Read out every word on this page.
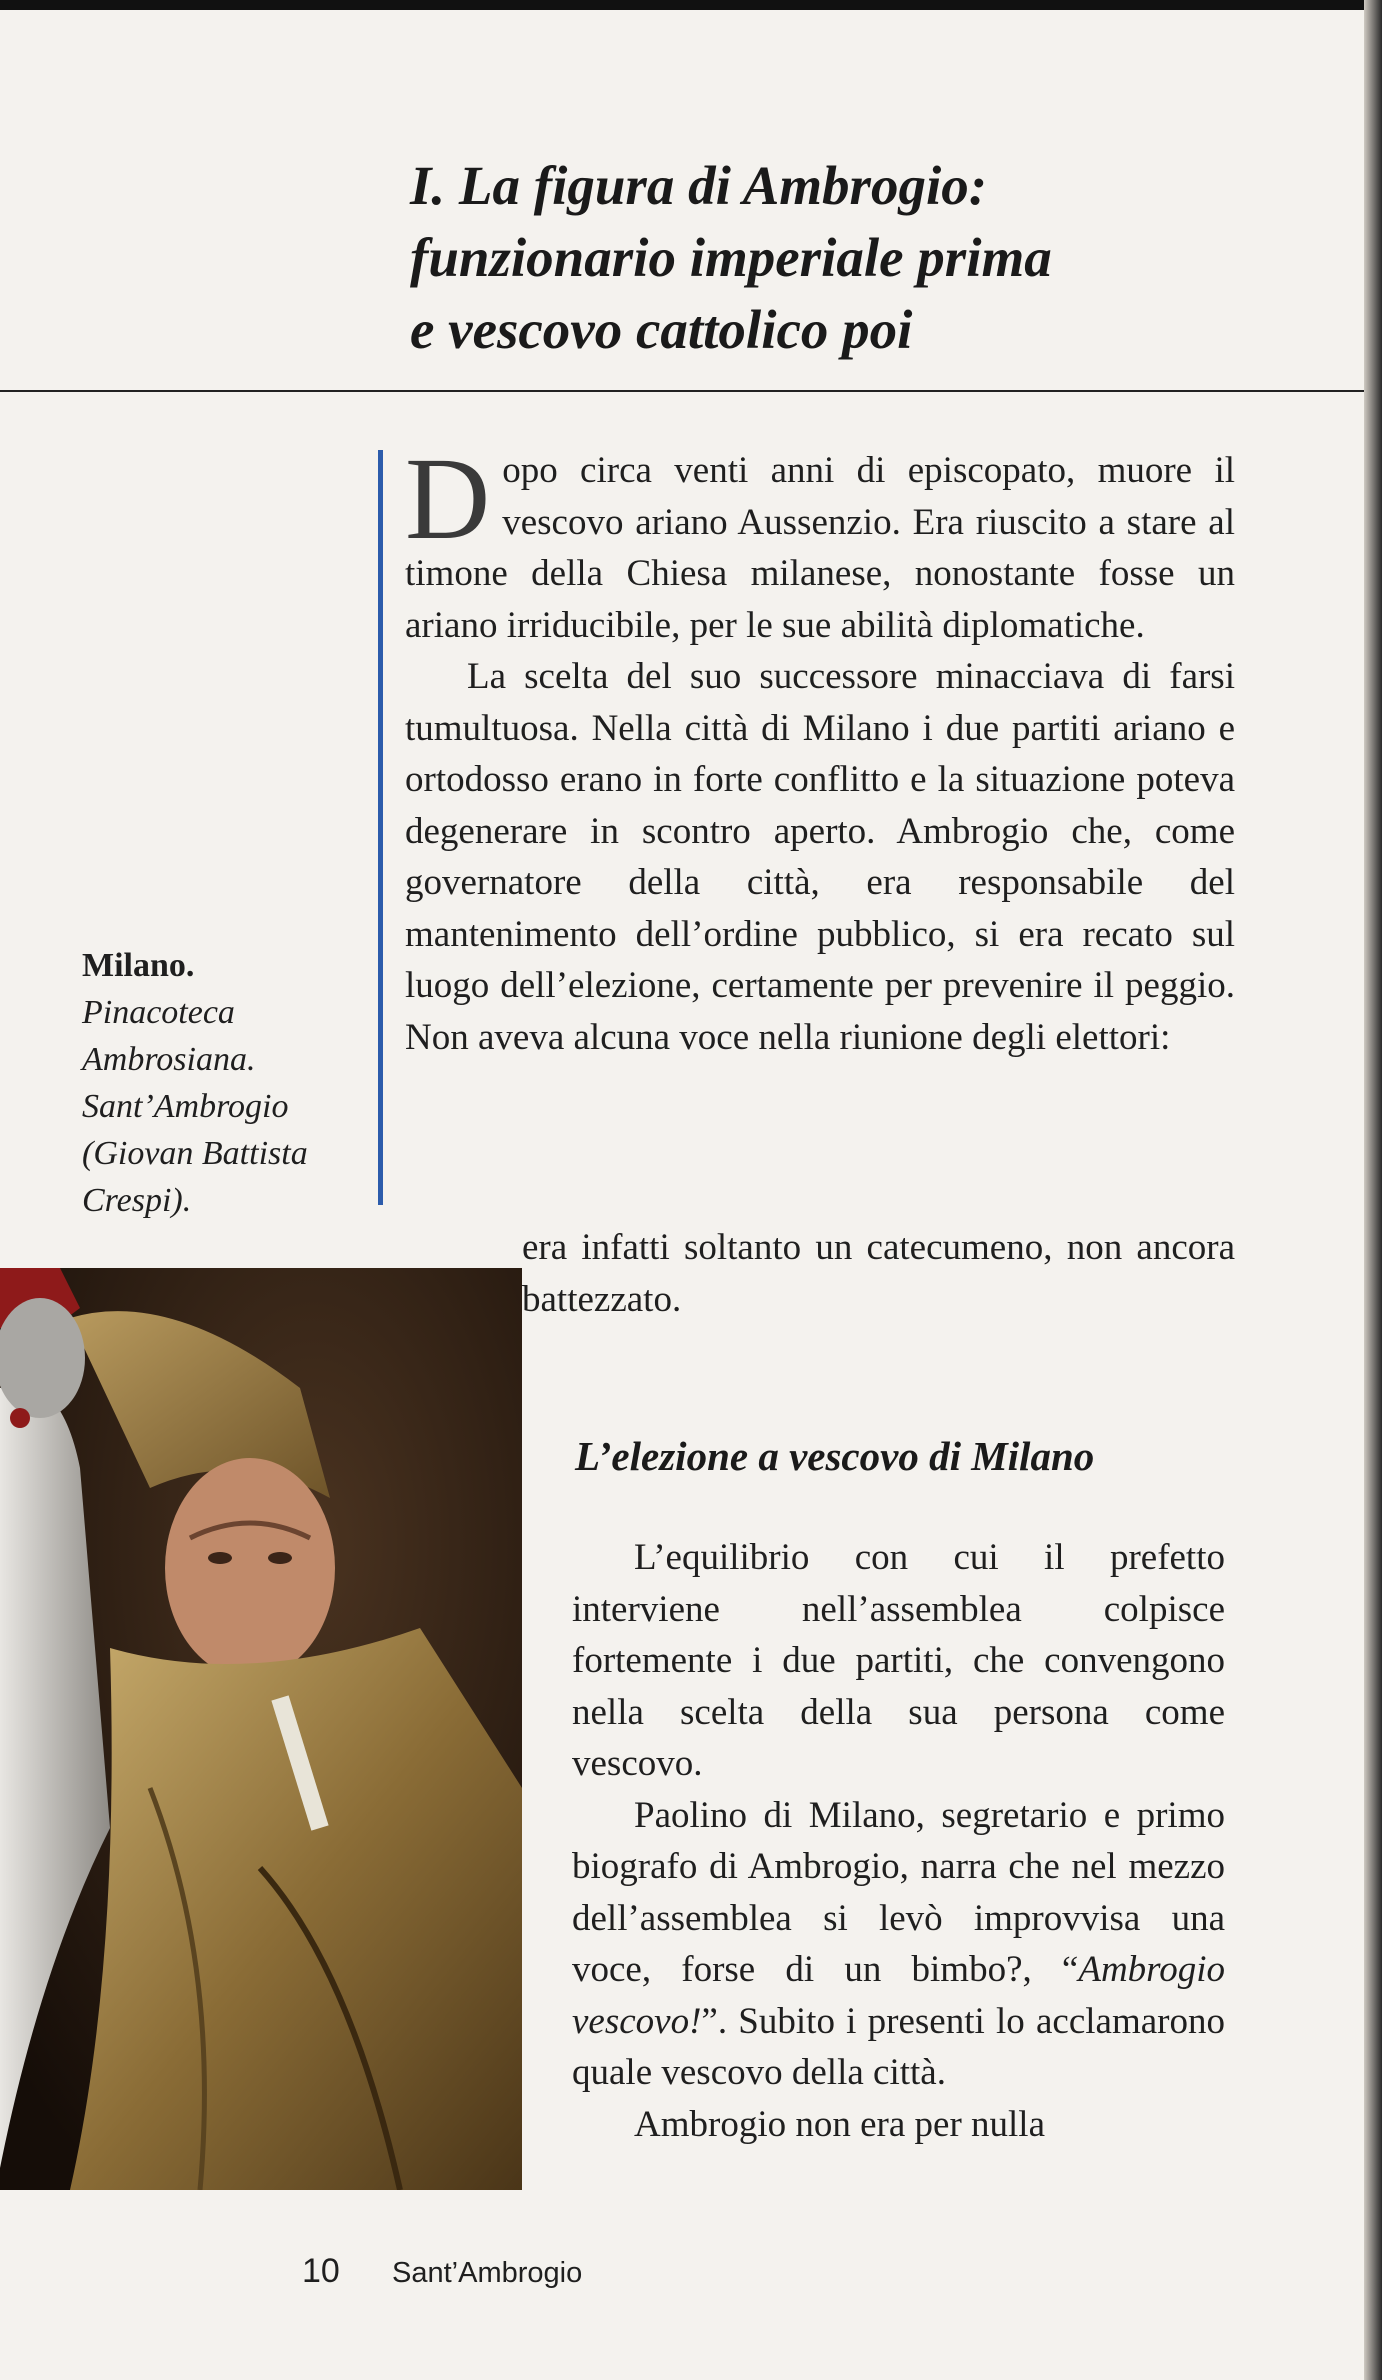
I. La figura di Ambrogio:
funzionario imperiale prima
e vescovo cattolico poi

Dopo circa venti anni di episcopato, muore il vescovo ariano Aussenzio. Era riuscito a stare al timone della Chiesa milanese, nonostante fosse un ariano irriducibile, per le sue abilità diplomatiche.

La scelta del suo successore minacciava di farsi tumultuosa. Nella città di Milano i due partiti ariano e ortodosso erano in forte conflitto e la situazione poteva degenerare in scontro aperto. Ambrogio che, come governatore della città, era responsabile del mantenimento dell’ordine pubblico, si era recato sul luogo dell’elezione, certamente per prevenire il peggio. Non aveva alcuna voce nella riunione degli elettori:

era infatti soltanto un catecumeno, non ancora battezzato.

Milano.
Pinacoteca
Ambrosiana.
Sant’Ambrogio
(Giovan Battista
Crespi).
L’elezione a vescovo di Milano

L’equilibrio con cui il prefetto interviene nell’assemblea colpisce fortemente i due partiti, che convengono nella scelta della sua persona come vescovo.

Paolino di Milano, segretario e primo biografo di Ambrogio, narra che nel mezzo dell’assemblea si levò improvvisa una voce, forse di un bimbo?, “Ambrogio vescovo!”. Subito i presenti lo acclamarono quale vescovo della città.

Ambrogio non era per nulla

10 Sant’Ambrogio
